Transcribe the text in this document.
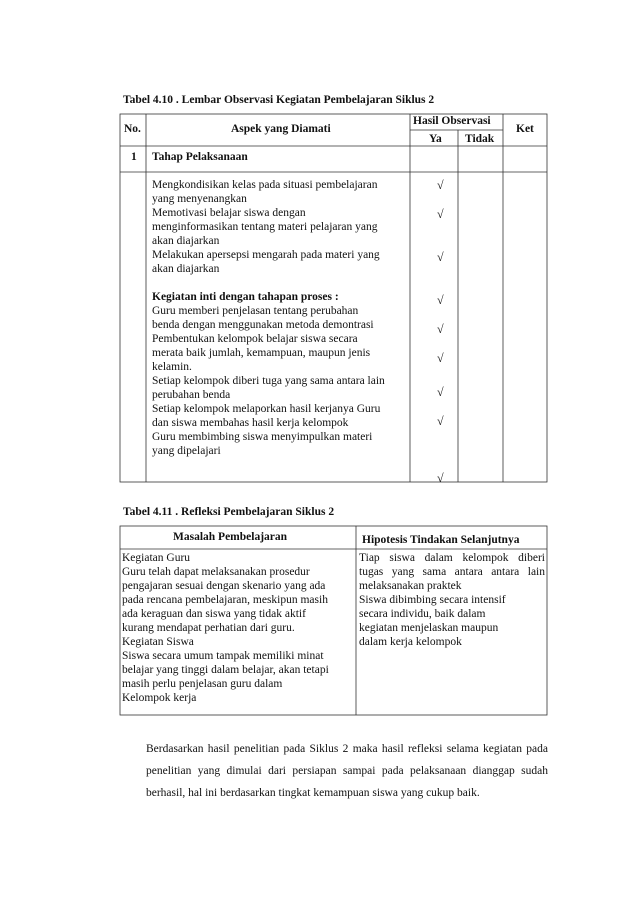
Tabel 4.10 . Lembar Observasi Kegiatan Pembelajaran Siklus 2
No.	Aspek yang Diamati
Hasil Observasi
Ya Tidak
Ket
1 Tahap Pelaksanaan
Mengkondisikan kelas pada situasi pembelajaran
yang menyenangkan
Memotivasi belajar siswa dengan
menginformasikan tentang materi pelajaran yang
akan diajarkan
Melakukan apersepsi mengarah pada materi yang
akan diajarkan
Kegiatan inti dengan tahapan proses :
Guru memberi penjelasan tentang perubahan
benda dengan menggunakan metoda demontrasi
Pembentukan kelompok belajar siswa secara
merata baik jumlah, kemampuan, maupun jenis
kelamin.
Setiap kelompok diberi tuga yang sama antara lain
perubahan benda
Setiap kelompok melaporkan hasil kerjanya Guru
dan siswa membahas hasil kerja kelompok
Guru membimbing siswa menyimpulkan materi
yang dipelajari
√
√
√
√
√
√
√
√
√
Tabel 4.11 . Refleksi Pembelajaran Siklus 2
Masalah Pembelajaran	Hipotesis Tindakan Selanjutnya
Kegiatan Guru
Guru telah dapat melaksanakan prosedur
pengajaran sesuai dengan skenario yang ada
pada rencana pembelajaran, meskipun masih
ada keraguan dan siswa yang tidak aktif
kurang mendapat perhatian dari guru.
Kegiatan Siswa
Siswa secara umum tampak memiliki minat
belajar yang tinggi dalam belajar, akan tetapi
masih perlu penjelasan guru dalam
Kelompok kerja
Tiap siswa dalam kelompok diberi
tugas yang sama antara antara lain
melaksanakan praktek
Siswa dibimbing secara intensif
secara individu, baik dalam
kegiatan menjelaskan maupun
dalam kerja kelompok
Berdasarkan hasil penelitian pada Siklus 2 maka hasil refleksi selama kegiatan pada penelitian yang dimulai dari persiapan sampai pada pelaksanaan dianggap sudah berhasil, hal ini berdasarkan tingkat kemampuan siswa yang cukup baik.
